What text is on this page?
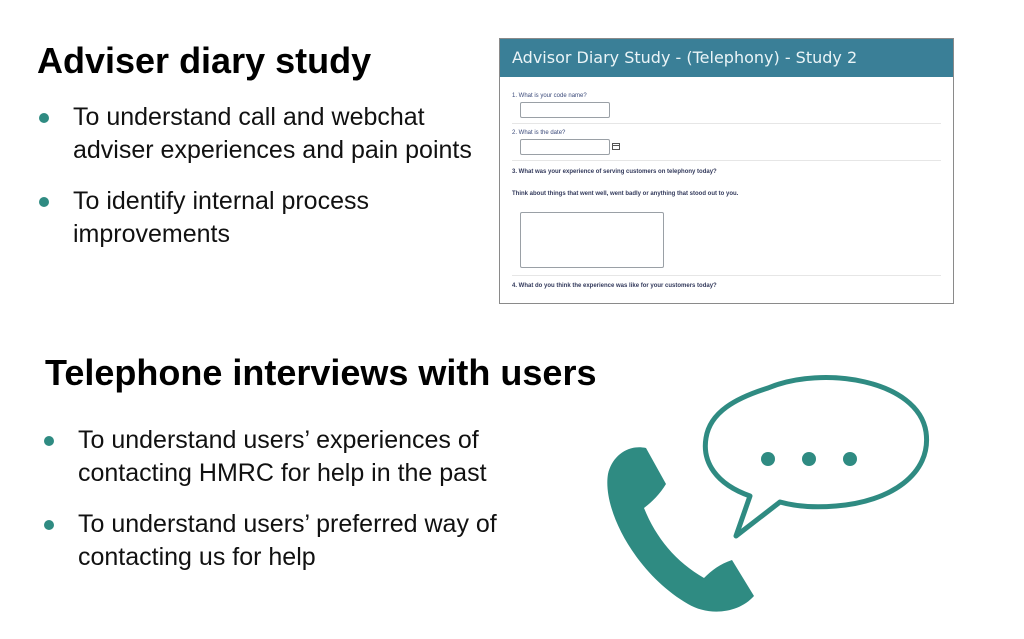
Adviser diary study
To understand call and webchat adviser experiences and pain points
To identify internal process improvements
Advisor Diary Study - (Telephony) - Study 2
1. What is your code name?
2. What is the date?
3. What was your experience of serving customers on telephony today?
Think about things that went well, went badly or anything that stood out to you.
4. What do you think the experience was like for your customers today?
Telephone interviews with users
To understand users’ experiences of contacting HMRC for help in the past
To understand users’ preferred way of contacting us for help
